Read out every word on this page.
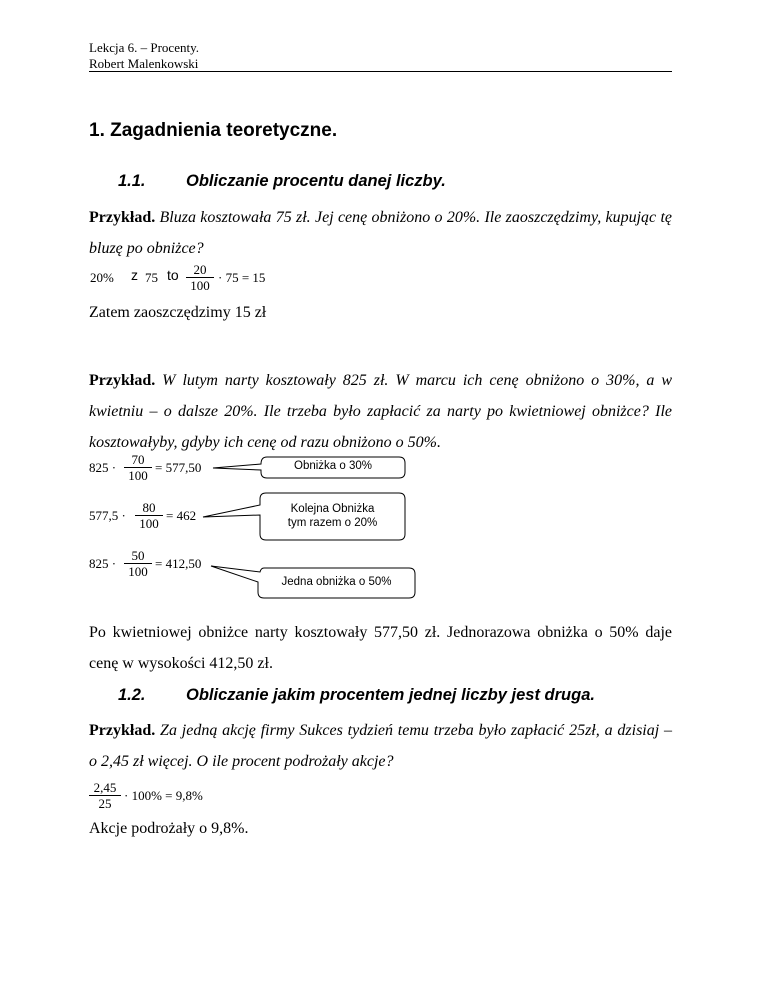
Lekcja 6. – Procenty.
Robert Malenkowski
1. Zagadnienia teoretyczne.
1.1. Obliczanie procentu danej liczby.
Przykład. Bluza kosztowała 75 zł. Jej cenę obniżono o 20%. Ile zaoszczędzimy, kupując tę bluzę po obniżce?
20% z 75 to $\frac{20}{100} \cdot 75 = 15$
Zatem zaoszczędzimy 15 zł
Przykład. W lutym narty kosztowały 825 zł. W marcu ich cenę obniżono o 30%, a w kwietniu – o dalsze 20%. Ile trzeba było zapłacić za narty po kwietniowej obniżce? Ile kosztowałyby, gdyby ich cenę od razu obniżono o 50%.
$825 \cdot \frac{70}{100} = 577,50$
$577,5 \cdot \frac{80}{100} = 462$
$825 \cdot \frac{50}{100} = 412,50$
Obniżka o 30%
Kolejna Obniżka
tym razem o 20%
Jedna obniżka o 50%
Po kwietniowej obniżce narty kosztowały 577,50 zł. Jednorazowa obniżka o 50% daje cenę w wysokości 412,50 zł.
1.2. Obliczanie jakim procentem jednej liczby jest druga.
Przykład. Za jedną akcję firmy Sukces tydzień temu trzeba było zapłacić 25zł, a dzisiaj – o 2,45 zł więcej. O ile procent podrożały akcje?
$\frac{2,45}{25} \cdot 100\% = 9,8\%$
Akcje podrożały o 9,8%.
